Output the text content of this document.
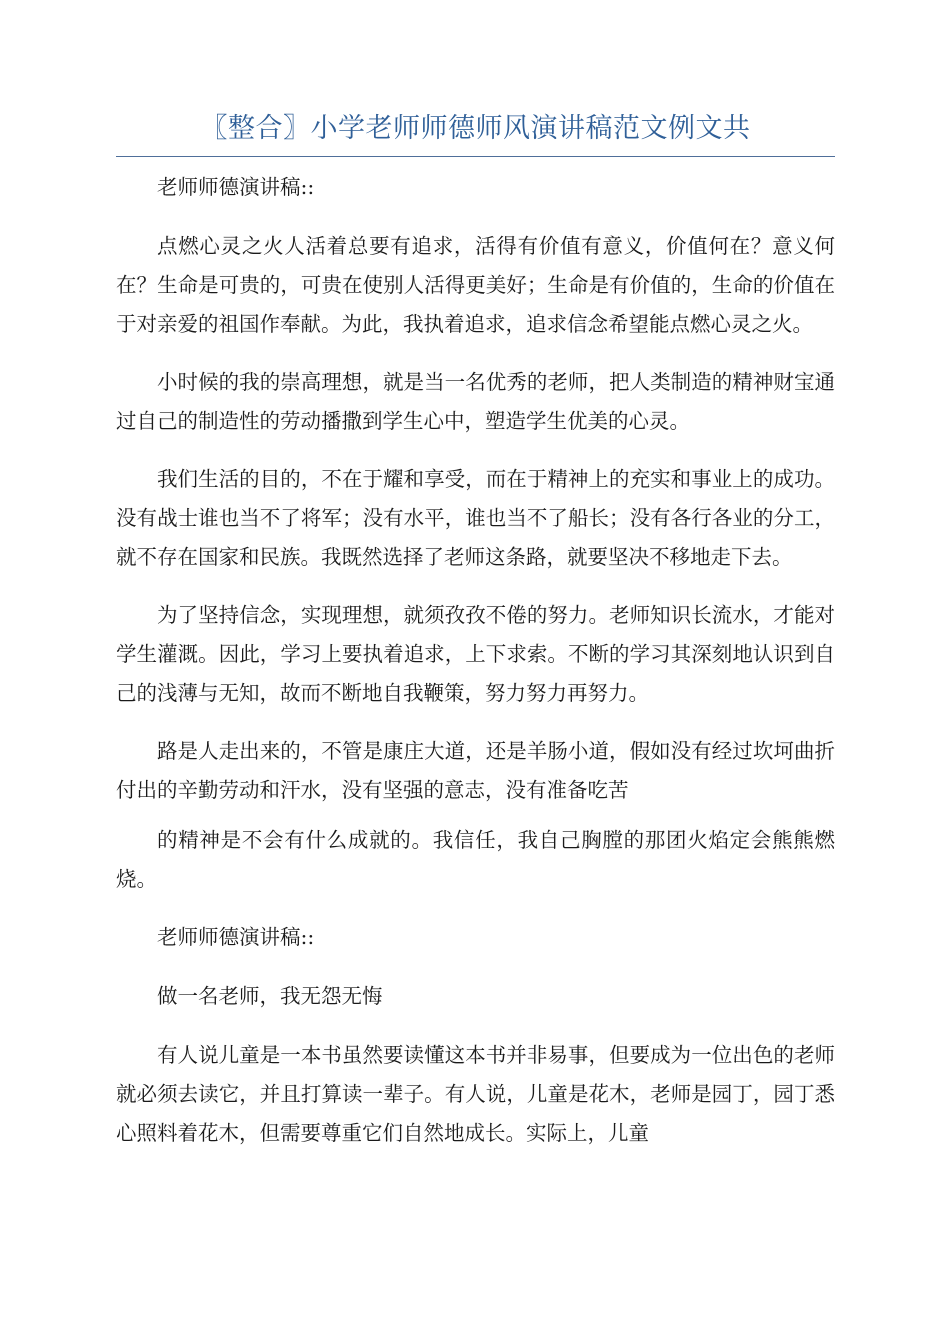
〖整合〗小学老师师德师风演讲稿范文例文共

老师师德演讲稿::

点燃心灵之火人活着总要有追求，活得有价值有意义，价值何在？意义何在？生命是可贵的，可贵在使别人活得更美好；生命是有价值的，生命的价值在于对亲爱的祖国作奉献。为此，我执着追求，追求信念希望能点燃心灵之火。

小时候的我的崇高理想，就是当一名优秀的老师，把人类制造的精神财宝通过自己的制造性的劳动播撒到学生心中，塑造学生优美的心灵。

我们生活的目的，不在于耀和享受，而在于精神上的充实和事业上的成功。没有战士谁也当不了将军；没有水平，谁也当不了船长；没有各行各业的分工，就不存在国家和民族。我既然选择了老师这条路，就要坚决不移地走下去。

为了坚持信念，实现理想，就须孜孜不倦的努力。老师知识长流水，才能对学生灌溉。因此，学习上要执着追求，上下求索。不断的学习其深刻地认识到自己的浅薄与无知，故而不断地自我鞭策，努力努力再努力。

路是人走出来的，不管是康庄大道，还是羊肠小道，假如没有经过坎坷曲折付出的辛勤劳动和汗水，没有坚强的意志，没有准备吃苦

的精神是不会有什么成就的。我信任，我自己胸膛的那团火焰定会熊熊燃烧。

老师师德演讲稿::

做一名老师，我无怨无悔

有人说儿童是一本书虽然要读懂这本书并非易事，但要成为一位出色的老师就必须去读它，并且打算读一辈子。有人说，儿童是花木，老师是园丁，园丁悉心照料着花木，但需要尊重它们自然地成长。实际上，儿童
